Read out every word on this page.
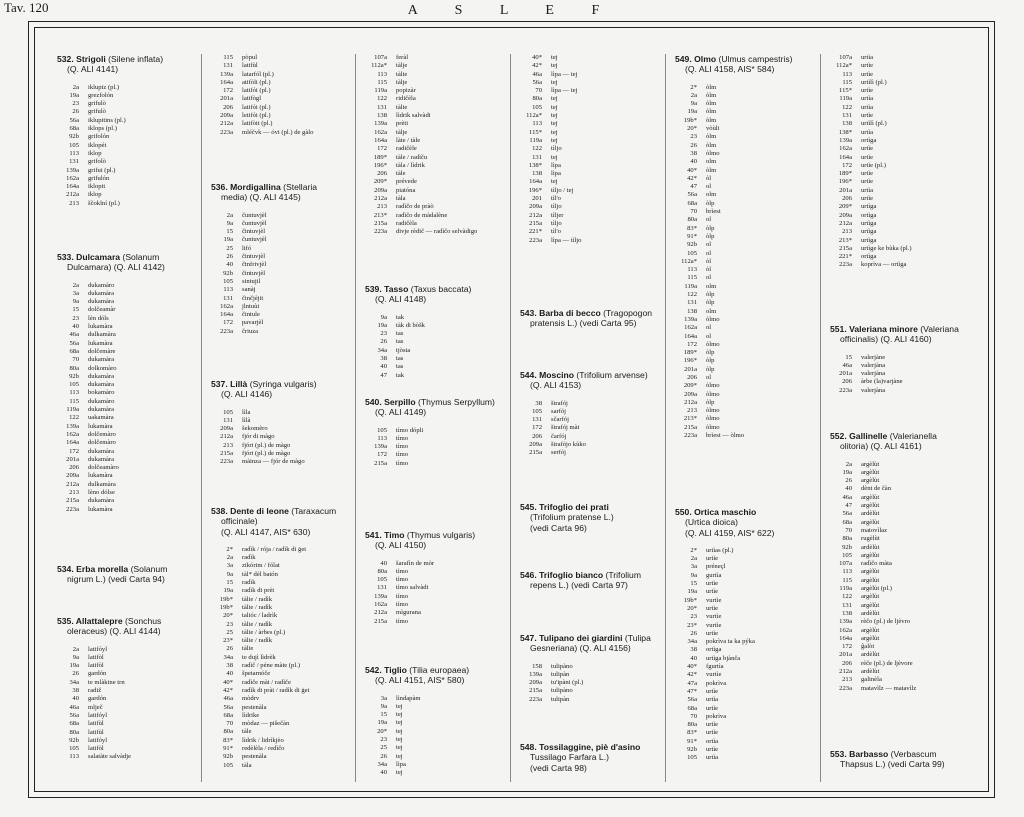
Tav. 120	A S L E F
532. Strigoli (Silene inflata)
(Q. ALI 4141)
2a	iklupiz (pl.)
19a	grezfolón
23	grifulò
26	grifulò
56a	iklupitins (pl.)
68a	iklops (pl.)
92b	grifolón
105	iklopét
113	iklop
131	grifolò
139a	grifui (pl.)
162a	grifulón
164a	iklopit
212a	iklop
213	ščoklní (pl.)
533. Dulcamara (Solanum
Dulcamara) (Q. ALI 4142)
2a	dukamàro
3a	dukamàra
9a	dukamàra
15	dolčeamàr
23	lèn dóls
40	lukamàra
46a	dulkamàra
56a	lukamàra
68a	dolčemàre
70	dukamàra
80a	dolkomàro
92b	dukamàra
105	dukamàra
113	bokamàro
115	dukamàro
119a	dukamàra
122	uakamàra
139a	lukamàra
162a	dolčemàro
164a	dolčemàro
172	dukamàra
201a	dukamàra
206	dolčeamàro
209a	lukamàra
212a	dulkamàra
213	lèno dólse
215a	dukamàra
223a	lukamàra
534. Erba morella (Solanum
nigrum L.) (vedi Carta 94)
535. Allattalepre (Sonchus
oleraceus) (Q. ALI 4144)
2a	latifóyl
9a	latifòl
19a	latifòl
26	gardón
34a	te mlàkine trn
38	radiž
40	gardón
46a	mlječ
56a	latifóyl
68a	latifùl
80a	latifùl
92b	latifóyl
105	latifòl
113	salatàte salvàdje
115	pòpul
131	latifùl
139a	latarfól (pl.)
164a	atifòli (pl.)
172	latifói (pl.)
201a	latifògl
206	latifói (pl.)
209a	letifói (pl.)
212a	latifòit (pl.)
223a	mléčvk — óvi (pl.) de gàlo
536. Mordigallina (Stellaria
media) (Q. ALI 4145)
2a	čuntuvjèl
9a	čuntuvjèl
15	čintuvjèl
19a	čuntuvjèl
25	lifó
26	čintuvjèl
40	čtnfrivjèl
92b	čintuvjèl
105	sintujil
113	sanàj
131	činčjèjit
162a	jlntuùi
164a	čintule
172	pavarjèl
223a	čriuza
537. Lillà (Syringa vulgaris)
(Q. ALI 4146)
105	lìla
131	lìlà
209a	šekomèro
212a	fjór di màgo
213	fjóri (pl.) de màgo
215a	fjóri (pl.) de màgo
223a	màinza — fjór de màgo
538. Dente di leone (Taraxacum
officinale)
(Q. ALI 4147, AIS* 630)
2*	radìk / rója / radìk di ģet
2a	radìk
3a	zikórim / fólat
9a	tàl* dèl batón
15	radìk
19a	radìk di prèt
19b*	tàlie / radìk
19b*	tàlie / radìk
20*	talióc / ladrìk
23	tàlie / radìk
25	tàlie / àrbes (pl.)
23*	tàlie / radìk
26	tàlie
34a	te dujì lìdrèk
38	radìč / péne màte (pl.)
40	špetarnóče
40*	radìče màt / radìče
42*	radìk di pràt / radìk di ģet
46a	mòdrv
56a	pestenàla
68a	lìdrike
70	mòdaz — pišečàn
80a	tàle
83*	lìdrik / lidrìkjèo
91*	redèlèla / redìčo
92b	pestenàla
105	tàla
107a	feràl
112a*	tàlje
113	tàlie
115	tàlje
119a	popizàr
122	ridičèla
131	tàlie
138	lìdrik salvàdi
139a	prèti
162a	tàlje
164a	làte / tàle
172	radičèle
189*	tàle / radìču
196*	tàla / lìdrik
206	tàle
209*	prévede
209a	piatóna
212a	tàla
213	radìčo de pràò
213*	radìčo de màdalène
215a	radičèla
223a	divje rèdič — radìčo selvàdigo
539. Tasso (Taxus baccata)
(Q. ALI 4148)
9a	tak
19a	tàk di bòšk
23	tas
26	tas
34a	tjòsta
38	tas
40	tas
47	tak
540. Serpillo (Thymus Serpyllum)
(Q. ALI 4149)
105	tìmo dópli
113	tìmo
139a	tìmo
172	tìmo
215a	tìmo
541. Timo (Thymus vulgaris)
(Q. ALI 4150)
40	šarafìn de mòr
80a	tìmo
105	tìmo
131	tìmo salvàdi
139a	tìmo
162a	tìmo
212a	mìgurana
215a	tìmo
542. Tiglio (Tilia europaea)
(Q. ALI 4151, AIS* 580)
3a	lìndapàm
9a	tej
15	tej
19a	tej
20*	tej
23	tej
25	tej
26	tej
34a	lìpa
40	tej
40*	tej
42*	tej
46a	lìpa — tej
56a	tej
70	lìpa — tej
80a	tej
105	tej
112a*	tej
113	tej
115*	tej
119a	tej
122	tìljo
131	tej
138*	lìpa
138	lìpa
164a	tej
196*	tìljo / tej
201	tìl'o
209a	tìljo
212a	tìljer
215a	tìljo
221*	tìl'o
223a	lìpa — tìljo
543. Barba di becco (Tragopogon
pratensis L.) (vedi Carta 95)
544. Moscino (Trifolium arvense)
(Q. ALI 4153)
38	štrafój
105	sarfój
131	sčarfój
172	štrafój màt
206	čarfój
209a	štrafòjo kùko
215a	serfój
545. Trifoglio dei prati
(Trifolium pratense L.)
(vedi Carta 96)
546. Trifoglio bianco (Trifolium
repens L.) (vedi Carta 97)
547. Tulipano dei giardini (Tulipa
Gesneriana) (Q. ALI 4156)
158	tulipàno
139a	tulipàn
209a	tu'ipàni (pl.)
215a	tulipàno
223a	tulipàn
548. Tossilaggine, piè d'asino
Tussilago Farfara L.)
(vedi Carta 98)
549. Olmo (Ulmus campestris)
(Q. ALI 4158, AIS* 584)
2*	òlm
2a	òlm
9a	òlm
19a	òlm
19b*	òlm
20*	vòùli
23	òlm
26	òlm
38	òlmo
40	olm
40*	òlm
42*	òl
47	ol
56a	olm
68a	òlp
70	brìest
80a	ol
83*	òlp
91*	òlp
92b	ol
105	ol
112a*	òl
113	òl
115	ol
119a	olm
122	òlp
131	òlp
138	olm
139a	òlmo
162a	ol
164a	ol
172	òlmo
189*	òlp
196*	òlp
201a	òlp
206	ol
209*	òlmo
209a	òlmo
212a	òlp
213	òlmo
213*	òlmo
215a	òlmo
223a	brìest — òlmo
550. Ortica maschio
(Urtica dioica)
(Q. ALI 4159, AIS* 622)
2*	urtìas (pl.)
2a	urtìe
3a	préneçl
9a	gurtìa
15	urtìe
19a	urtìe
19b*	vurtìe
20*	urtìe
23	vurtìe
23*	vurtìe
26	urtìe
34a	pokrìva ta ka pýka
38	ortìga
40	urtìga bjànča
40*	fgurtìa
42*	vurtìe
47a	pokrìva
47*	urtìe
56a	urtìa
68a	urtìe
70	pokrìva
80a	urtìe
83*	urtìe
91*	ortìa
92b	urtìe
105	urtìa
107a	urtìa
112a*	urtìe
113	urtìe
115	urtìlì (pl.)
115*	urtìe
119a	urtìa
122	urtìa
131	urtìe
138	urtìlì (pl.)
138*	urtìa
139a	ortìga
162a	urtìe
164a	urtìe
172	urtìe (pl.)
189*	urtìe
196*	urtìe
201a	urtìa
206	urtìe
209*	urtìga
209a	ortìga
212a	urtìga
213	urtìga
213*	urtìga
215a	urtìge ke bùka (pl.)
221*	ortìga
223a	koprìva — ortìga
551. Valeriana minore (Valeriana
officinalis) (Q. ALI 4160)
15	valerjàne
46a	valerjàna
201a	valerjàna
206	àrbe (la)varjàne
223a	valerjàna
552. Gallinelle (Valerianella
olitoria) (Q. ALI 4161)
2a	argèlùt
19a	argèlùt
26	argèlùt
40	dènt de čàn
46a	argèlùt
47	argèlùt
56a	ardèlùt
68a	argèlùt
70	matovìlaz
80a	rugèlùt
92b	ardèlùt
105	argèlùt
107a	radìčo màta
113	argèlùt
115	argèlùt
119a	argèlùt (pl.)
122	argèlùt
131	argèlùt
138	ardèlùt
139a	rèčo (pl.) de ljèvro
162a	argèlùt
164a	argèlùt
172	ĝalòt
201a	ardèlùt
206	rèče (pl.) de ljèvore
212a	ardèlùt
213	galinèla
223a	matavìlz — matavìlz
553. Barbasso (Verbascum
Thapsus L.) (vedi Carta 99)
